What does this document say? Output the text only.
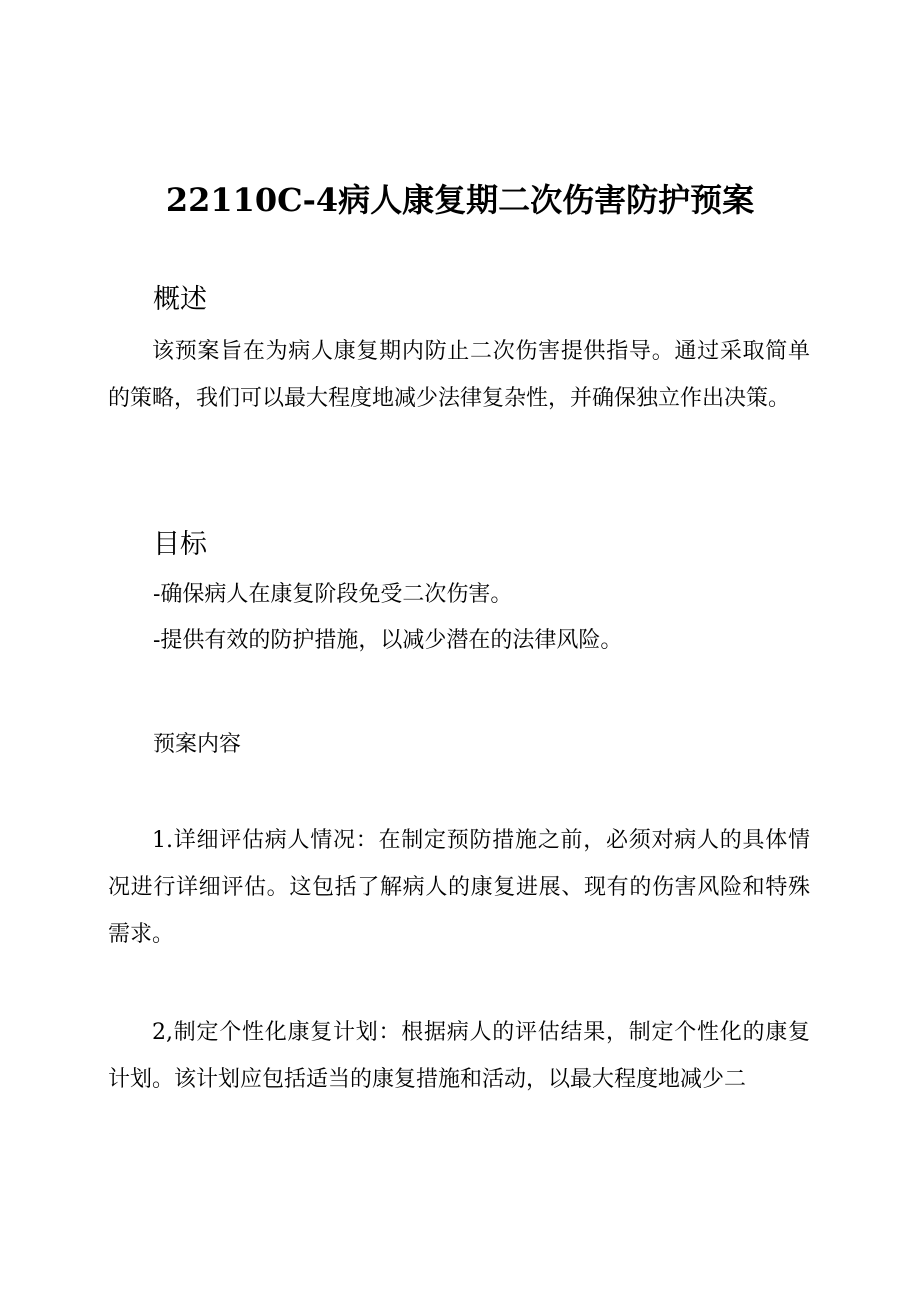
22110C-4病人康复期二次伤害防护预案
概述

该预案旨在为病人康复期内防止二次伤害提供指导。通过采取简单的策略，我们可以最大程度地减少法律复杂性，并确保独立作出决策。

目标
-确保病人在康复阶段免受二次伤害。
-提供有效的防护措施，以减少潜在的法律风险。
预案内容

1.详细评估病人情况：在制定预防措施之前，必须对病人的具体情况进行详细评估。这包括了解病人的康复进展、现有的伤害风险和特殊需求。

2,制定个性化康复计划：根据病人的评估结果，制定个性化的康复计划。该计划应包括适当的康复措施和活动，以最大程度地减少二
